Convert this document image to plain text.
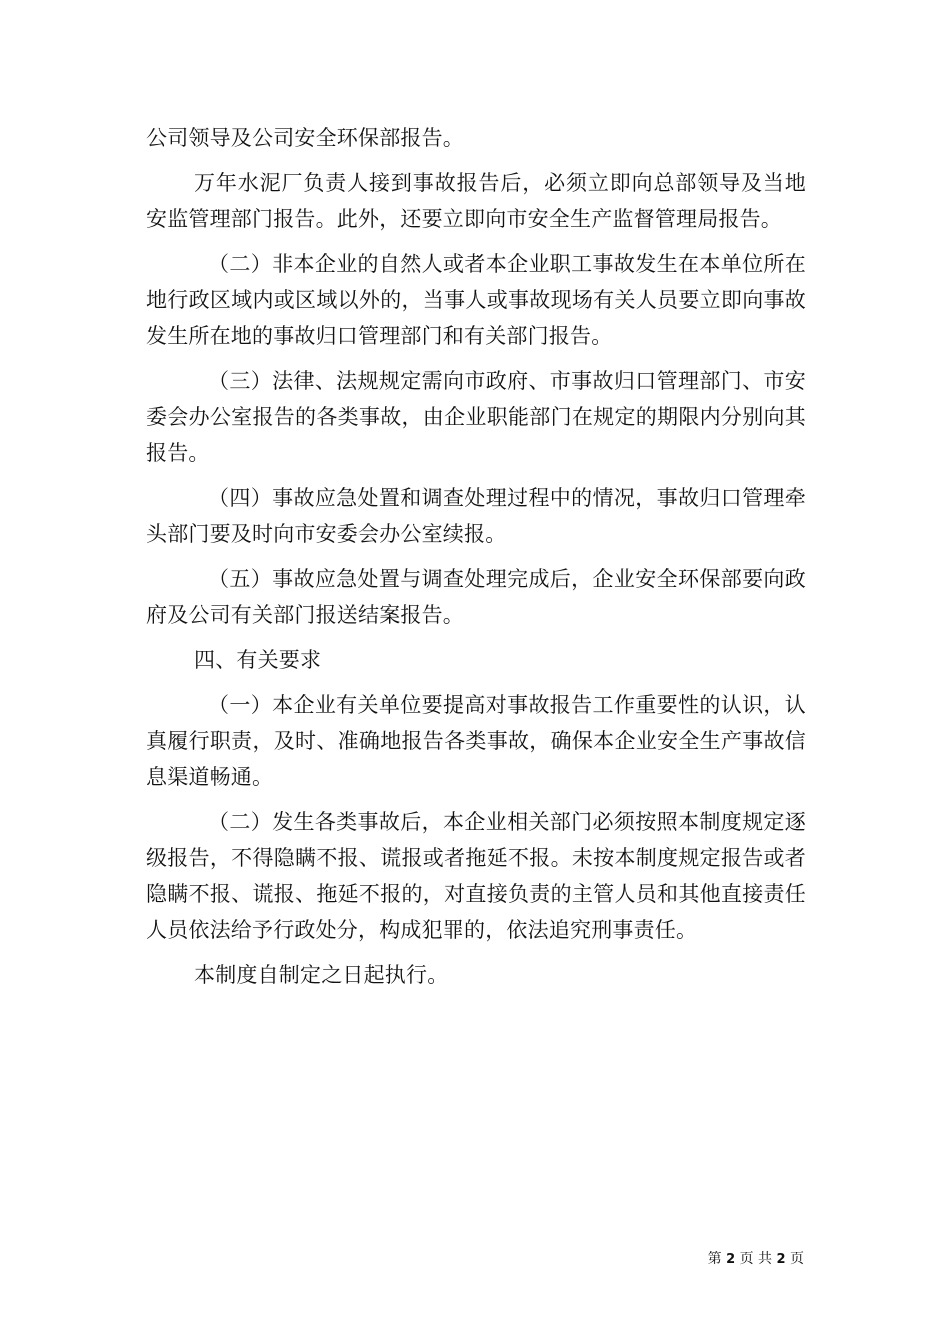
公司领导及公司安全环保部报告。

万年水泥厂负责人接到事故报告后，必须立即向总部领导及当地安监管理部门报告。此外，还要立即向市安全生产监督管理局报告。

（二）非本企业的自然人或者本企业职工事故发生在本单位所在地行政区域内或区域以外的，当事人或事故现场有关人员要立即向事故发生所在地的事故归口管理部门和有关部门报告。

（三）法律、法规规定需向市政府、市事故归口管理部门、市安委会办公室报告的各类事故，由企业职能部门在规定的期限内分别向其报告。

（四）事故应急处置和调查处理过程中的情况，事故归口管理牵头部门要及时向市安委会办公室续报。

（五）事故应急处置与调查处理完成后，企业安全环保部要向政府及公司有关部门报送结案报告。

四、有关要求

（一）本企业有关单位要提高对事故报告工作重要性的认识，认真履行职责，及时、准确地报告各类事故，确保本企业安全生产事故信息渠道畅通。

（二）发生各类事故后，本企业相关部门必须按照本制度规定逐级报告，不得隐瞒不报、谎报或者拖延不报。未按本制度规定报告或者隐瞒不报、谎报、拖延不报的，对直接负责的主管人员和其他直接责任人员依法给予行政处分，构成犯罪的，依法追究刑事责任。

本制度自制定之日起执行。

第 2 页 共 2 页
